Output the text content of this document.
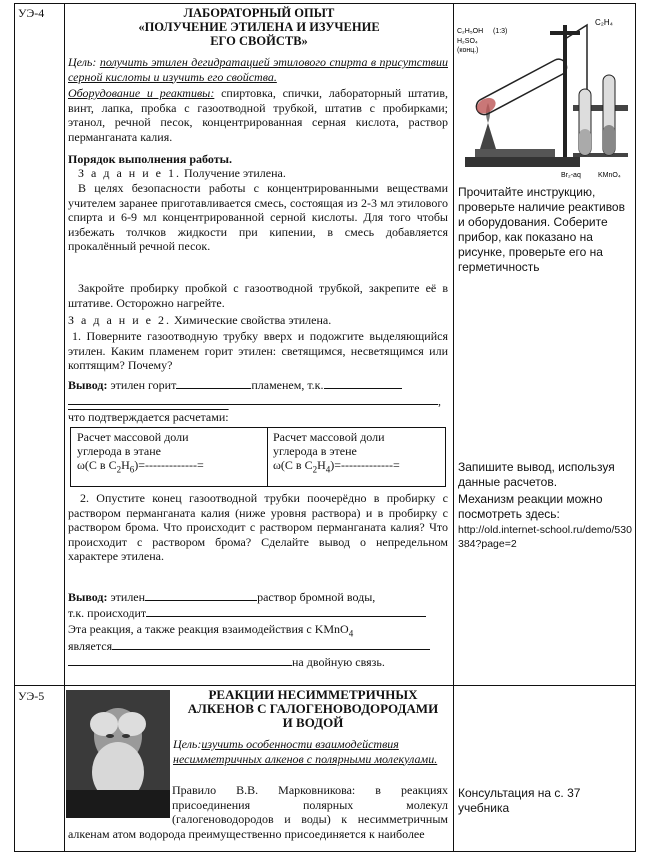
УЭ-4	ЛАБОРАТОРНЫЙ ОПЫТ
«ПОЛУЧЕНИЕ ЭТИЛЕНА И ИЗУЧЕНИЕ
ЕГО СВОЙСТВ»
Цель: получить этилен дегидратацией этилового спирта в присутствии серной кислоты и изучить его свойства.
Оборудование и реактивы: спиртовка, спички, лабораторный штатив, винт, лапка, пробка с газоотводной трубкой, штатив с пробирками; этанол, речной песок, концентрированная серная кислота, раствор перманганата калия.
Порядок выполнения работы.
З а д а н и е 1. Получение этилена.
В целях безопасности работы с концентрированными веществами учителем заранее приготавливается смесь, состоящая из 2-3 мл этилового спирта и 6-9 мл концентрированной серной кислоты. Для того чтобы избежать толчков жидкости при кипении, в смесь добавляется прокалённый речной песок.
Закройте пробирку пробкой с газоотводной трубкой, закрепите её в штативе. Осторожно нагрейте.
З а д а н и е 2. Химические свойства этилена.
1. Поверните газоотводную трубку вверх и подожгите выделяющийся этилен. Каким пламенем горит этилен: светящимся, несветящимся или коптящим? Почему?
Вывод: этилен горит	пламенем, т.к.
,
что подтверждается расчетами:
Расчет массовой доли
углерода в этане
ω(С в $С_2Н_6)=-------------=$
Расчет массовой доли
углерода в этене
ω(С в $С_2Н_4)=-------------=$
2. Опустите конец газоотводной трубки поочерёдно в пробирку с раствором перманганата калия (ниже уровня раствора) и в пробирку с раствором брома. Что происходит с раствором перманганата калия? Что происходит с раствором брома? Сделайте вывод о непредельном характере этилена.
Вывод: этилен	раствор бромной воды,
т.к. происходит
Эта реакция, а также реакция взаимодействия с KMnO$_4$
является
на двойную связь.
C₂H₄
C₂H₅OH (1:3)
H₂SO₄
(конц.)
Br₂-aq KMnO₄
Прочитайте инструкцию, проверьте наличие реактивов и оборудования. Соберите прибор, как показано на рисунке, проверьте его на герметичность
Запишите вывод, используя данные расчетов.
Механизм реакции можно посмотреть здесь:
http://old.internet-school.ru/demo/530384?page=2
УЭ-5	РЕАКЦИИ НЕСИММЕТРИЧНЫХ
АЛКЕНОВ С ГАЛОГЕНОВОДОРОДАМИ
И ВОДОЙ
Цель:изучить особенности взаимодействия несимметричных алкенов с полярными молекулами.
Правило В.В. Марковникова: в реакциях присоединения полярных молекул (галогеноводородов и воды) к несимметричным алкенам атом водорода преимущественно присоединяется к наиболее
Консультация на с. 37 учебника
